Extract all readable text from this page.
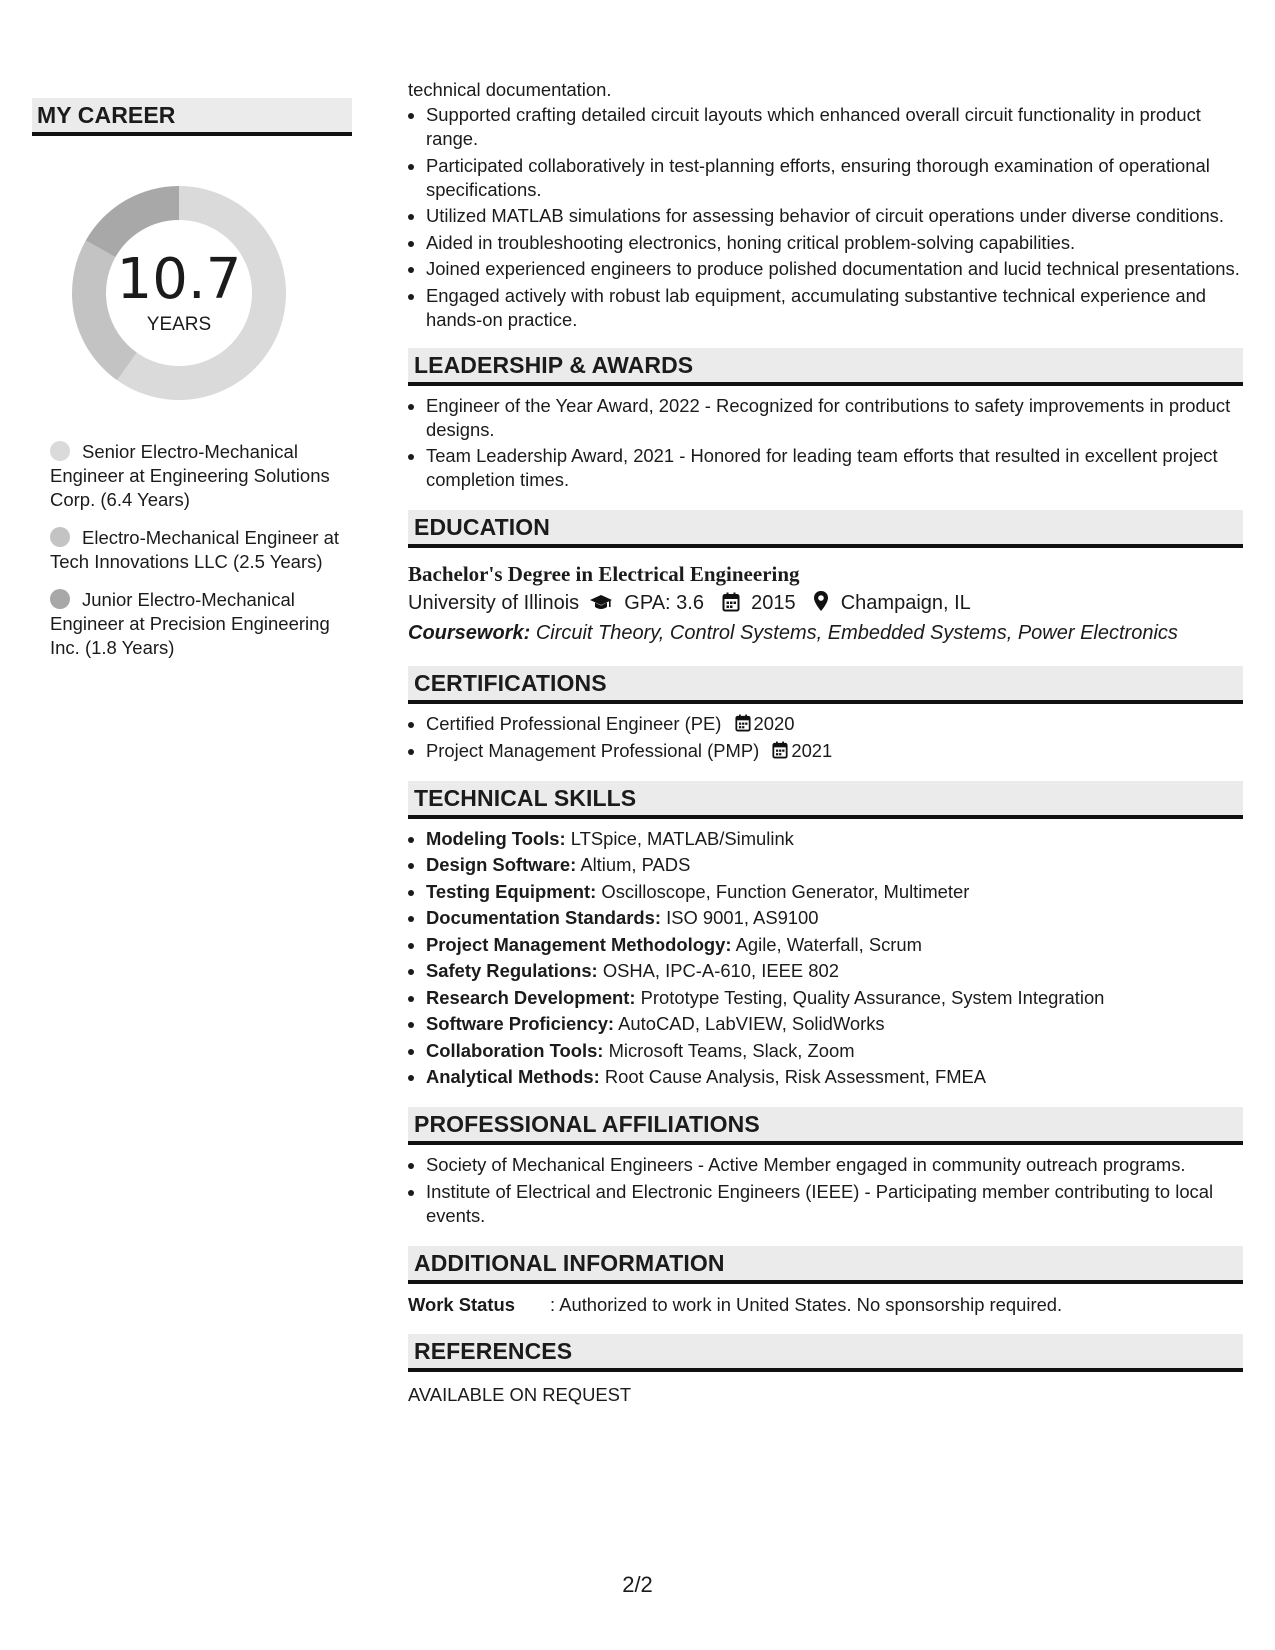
MY CAREER
10.7
YEARS
Senior Electro-Mechanical Engineer at Engineering Solutions Corp. (6.4 Years)
Electro-Mechanical Engineer at Tech Innovations LLC (2.5 Years)
Junior Electro-Mechanical Engineer at Precision Engineering Inc. (1.8 Years)

technical documentation.

• Supported crafting detailed circuit layouts which enhanced overall circuit functionality in product range.
• Participated collaboratively in test-planning efforts, ensuring thorough examination of operational specifications.
• Utilized MATLAB simulations for assessing behavior of circuit operations under diverse conditions.
• Aided in troubleshooting electronics, honing critical problem-solving capabilities.
• Joined experienced engineers to produce polished documentation and lucid technical presentations.
• Engaged actively with robust lab equipment, accumulating substantive technical experience and hands-on practice.
LEADERSHIP & AWARDS
• Engineer of the Year Award, 2022 - Recognized for contributions to safety improvements in product designs.
• Team Leadership Award, 2021 - Honored for leading team efforts that resulted in excellent project completion times.
EDUCATION
Bachelor's Degree in Electrical Engineering
University of Illinois GPA: 3.6 2015 Champaign, IL
Coursework: Circuit Theory, Control Systems, Embedded Systems, Power Electronics
CERTIFICATIONS
• Certified Professional Engineer (PE) 2020
• Project Management Professional (PMP) 2021
TECHNICAL SKILLS
• Modeling Tools: LTSpice, MATLAB/Simulink
• Design Software: Altium, PADS
• Testing Equipment: Oscilloscope, Function Generator, Multimeter
• Documentation Standards: ISO 9001, AS9100
• Project Management Methodology: Agile, Waterfall, Scrum
• Safety Regulations: OSHA, IPC-A-610, IEEE 802
• Research Development: Prototype Testing, Quality Assurance, System Integration
• Software Proficiency: AutoCAD, LabVIEW, SolidWorks
• Collaboration Tools: Microsoft Teams, Slack, Zoom
• Analytical Methods: Root Cause Analysis, Risk Assessment, FMEA
PROFESSIONAL AFFILIATIONS
• Society of Mechanical Engineers - Active Member engaged in community outreach programs.
• Institute of Electrical and Electronic Engineers (IEEE) - Participating member contributing to local events.
ADDITIONAL INFORMATION
Work Status	: Authorized to work in United States. No sponsorship required.
REFERENCES
AVAILABLE ON REQUEST
2/2
